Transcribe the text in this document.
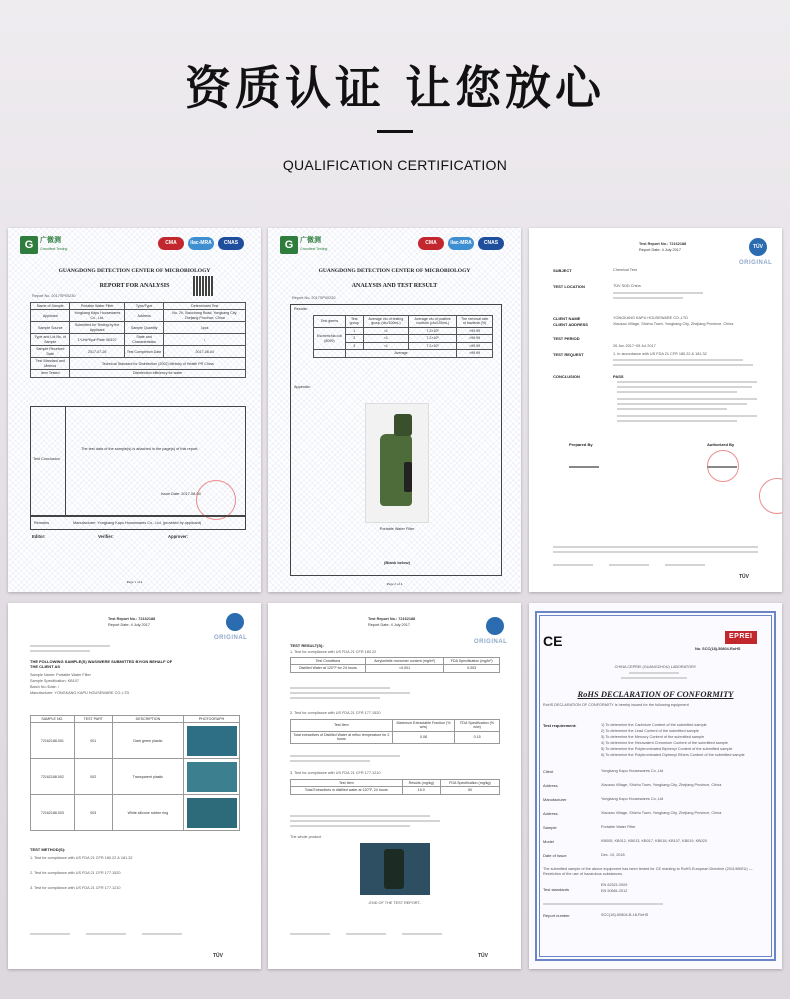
资质认证 让您放心
QUALIFICATION CERTIFICATION
G 广微测
Grandtest Testing
CMA	ilac-MRA	CNAS
GUANGDONG DETECTION CENTER OF MICROBIOLOGY
REPORT FOR ANALYSIS
Report No. 2017SP00230
Name of Sample	Portable Water Filter	Type/Type	Determinant Test
Applicant	Yongkang Kapu Housewares Co., Ltd.	Address	No. 29, Xiaochang Road, Yongkang City, Zhejiang Province, China
Sample Source	Submitted for Testing by the Applicant	Sample Quantity	1pcs
Type and Lot No. of Sample	1*Unit*Kpa*Plate XB107	State and Characteristics	/
Sample Received Date	2017-07-26	Test Completion Date	2017-08-04
Test Standard and Method	Technical Standard for Disinfection (2002) Ministry of Health PR China		
Item Tested	Disinfection efficiency for water		
Test Conclusion
The test data of the sample(s) is attached in the page(s) of this report.
Issue Date: 2017-08-04
Remarks	Manufacturer: Yongkang Kapu Housewares Co., Ltd. (provided by applicant)
Editor:	Verifier:	Approver:
Page 1 of 4
G 广微测
Grandtest Testing
CMA	ilac-MRA	CNAS
GUANGDONG DETECTION CENTER OF MICROBIOLOGY
ANALYSIS AND TEST RESULT
Report No. 2017SP00230
Results:
Test germs	Test group	Average cfu of testing group (cfu/100mL)	Average cfu of positive controls (cfu/100mL)	The removal rate of bacteria (%)
Escherichia coli (8099)	1	<1	7.2×10⁵	>99.99
	2	<1	7.2×10⁵	>99.99
	3	<1	7.2×10⁵	>99.99
	Average			>99.99
Appendix:
Portable Water Filter
(Blank below)
Page 2 of 4
Test Report No.: 72162188
Report Date: 4 July 2017	TÜV
ORIGINAL
SUBJECT	Chemical Test
TEST LOCATION	TÜV SÜD China
CLIENT NAME	YONGKANG KAPU HOUSEWARE CO.,LTD
CLIENT ADDRESS	Xiaozao Village, Shizhu Town, Yongkang City, Zhejiang Province, China
TEST PERIOD
26 Jun 2017~05 Jul 2017
TEST REQUEST	1. In accordance with US FDA 21 CFR 180.22 & 181.32
CONCLUSION	PASS
Prepared By	Authorized By
TÜV
Test Report No.: 72162188
Report Date: 4 July 2017
ORIGINAL
THE FOLLOWING SAMPLE(S) WAS/WERE SUBMITTED BY/ON BEHALF OF THE CLIENT AS
Sample Name: Portable Water Filter
Sample Specification: KB107
Batch No./Date: /
Manufacturer: YONGKANG KAPU HOUSEWARE CO.,LTD
SAMPLE NO.	TEST PART	DESCRIPTION	PHOTOGRAPH
72162188.001	001	Dark green plastic	

72162188.002	002	Transparent plastic	

72162188.003	003	White silicone rubber ring	
TEST METHOD(S):
1. Test for compliance with US FDA 21 CFR 180.22 & 181.32
2. Test for compliance with US FDA 21 CFR 177.1520
3. Test for compliance with US FDA 21 CFR 177.1210
TÜV
Test Report No.: 72162188
Report Date: 4 July 2017
ORIGINAL
TEST RESULT(S):
1. Test for compliance with US FDA 21 CFR 180.22
Test Conditions	Acrylonitrile monomer content (mg/in²)	FDA Specification (mg/in²)
Distilled Water at 120°F for 24 hours	<0.001	0.003
2. Test for compliance with US FDA 21 CFR 177.1520
Test Item	Maximum Extractable Fraction (% w/w)	FDA Specification (% w/w)
Total extractives of Distilled Water at reflux temperature for 2 hours	0.08	0.15
3. Test for compliance with US FDA 21 CFR 177.1210
Test Item	Results (mg/kg)	FDA Specification (mg/kg)
Total Extractives in distilled water at 120°F, 24 hours	15.0	50
The whole product
-END OF THE TEST REPORT-
TÜV
CE	EPREI
No. SCC(18)-50804-RoHS
CHINA CEPREI (GUANGZHOU) LABORATORY
RoHS DECLARATION OF CONFORMITY
RoHS DECLARATION OF CONFORMITY is hereby issued for the following equipment
Test requirement:	1) To determine the Cadmium Content of the submitted sample
2) To determine the Lead Content of the submitted sample
3) To determine the Mercury Content of the submitted sample
4) To determine the Hexavalent Chromium Content of the submitted sample
5) To determine the Polybrominated Biphenyl Content of the submitted sample
6) To determine the Polybrominated Diphenyl Ethers Content of the submitted sample
Client	Yongkang Kapu Housewares Co.,Ltd
Address	Xiaozao Village, Shizhu Town, Yongkang City, Zhejiang Province, China
Manufacturer	Yongkang Kapu Housewares Co.,Ltd
Address	Xiaozao Village, Shizhu Town, Yongkang City, Zhejiang Province, China
Sample	Portable Water Filter
Model	KB005, KB012, KB013, KB017, KB018, KB107, KB019, KB020
Date of Issue	Dec. 10, 2018
The submitted sample of the above equipment has been tested for CE marking to RoHS European Directive (2011/65/EU) — Restriction of the use of hazardous substances.
Test standards
EN 62321:2009
EN 50581:2012
Report number	SCC(18)-50804-B-18-RoHS
